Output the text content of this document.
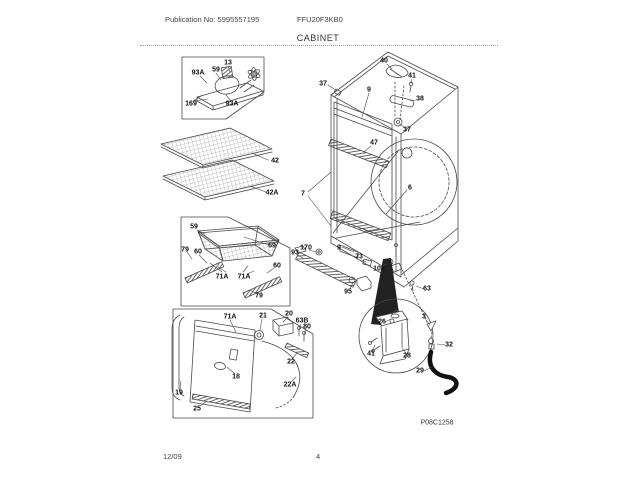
Publication No: 5995557195	FFU20F3KB0
CABINET
13
93A 59
169	93A
42
42A
59
69
79 60
71A 71A
60
79
71A	21	20
63B
80
22
18
22A
19
25
37
40
41
38
9
37
47
6
7
170	9
93
73
106
95	63
3
26
41	28
32
29
P08C1258
12/09	4
